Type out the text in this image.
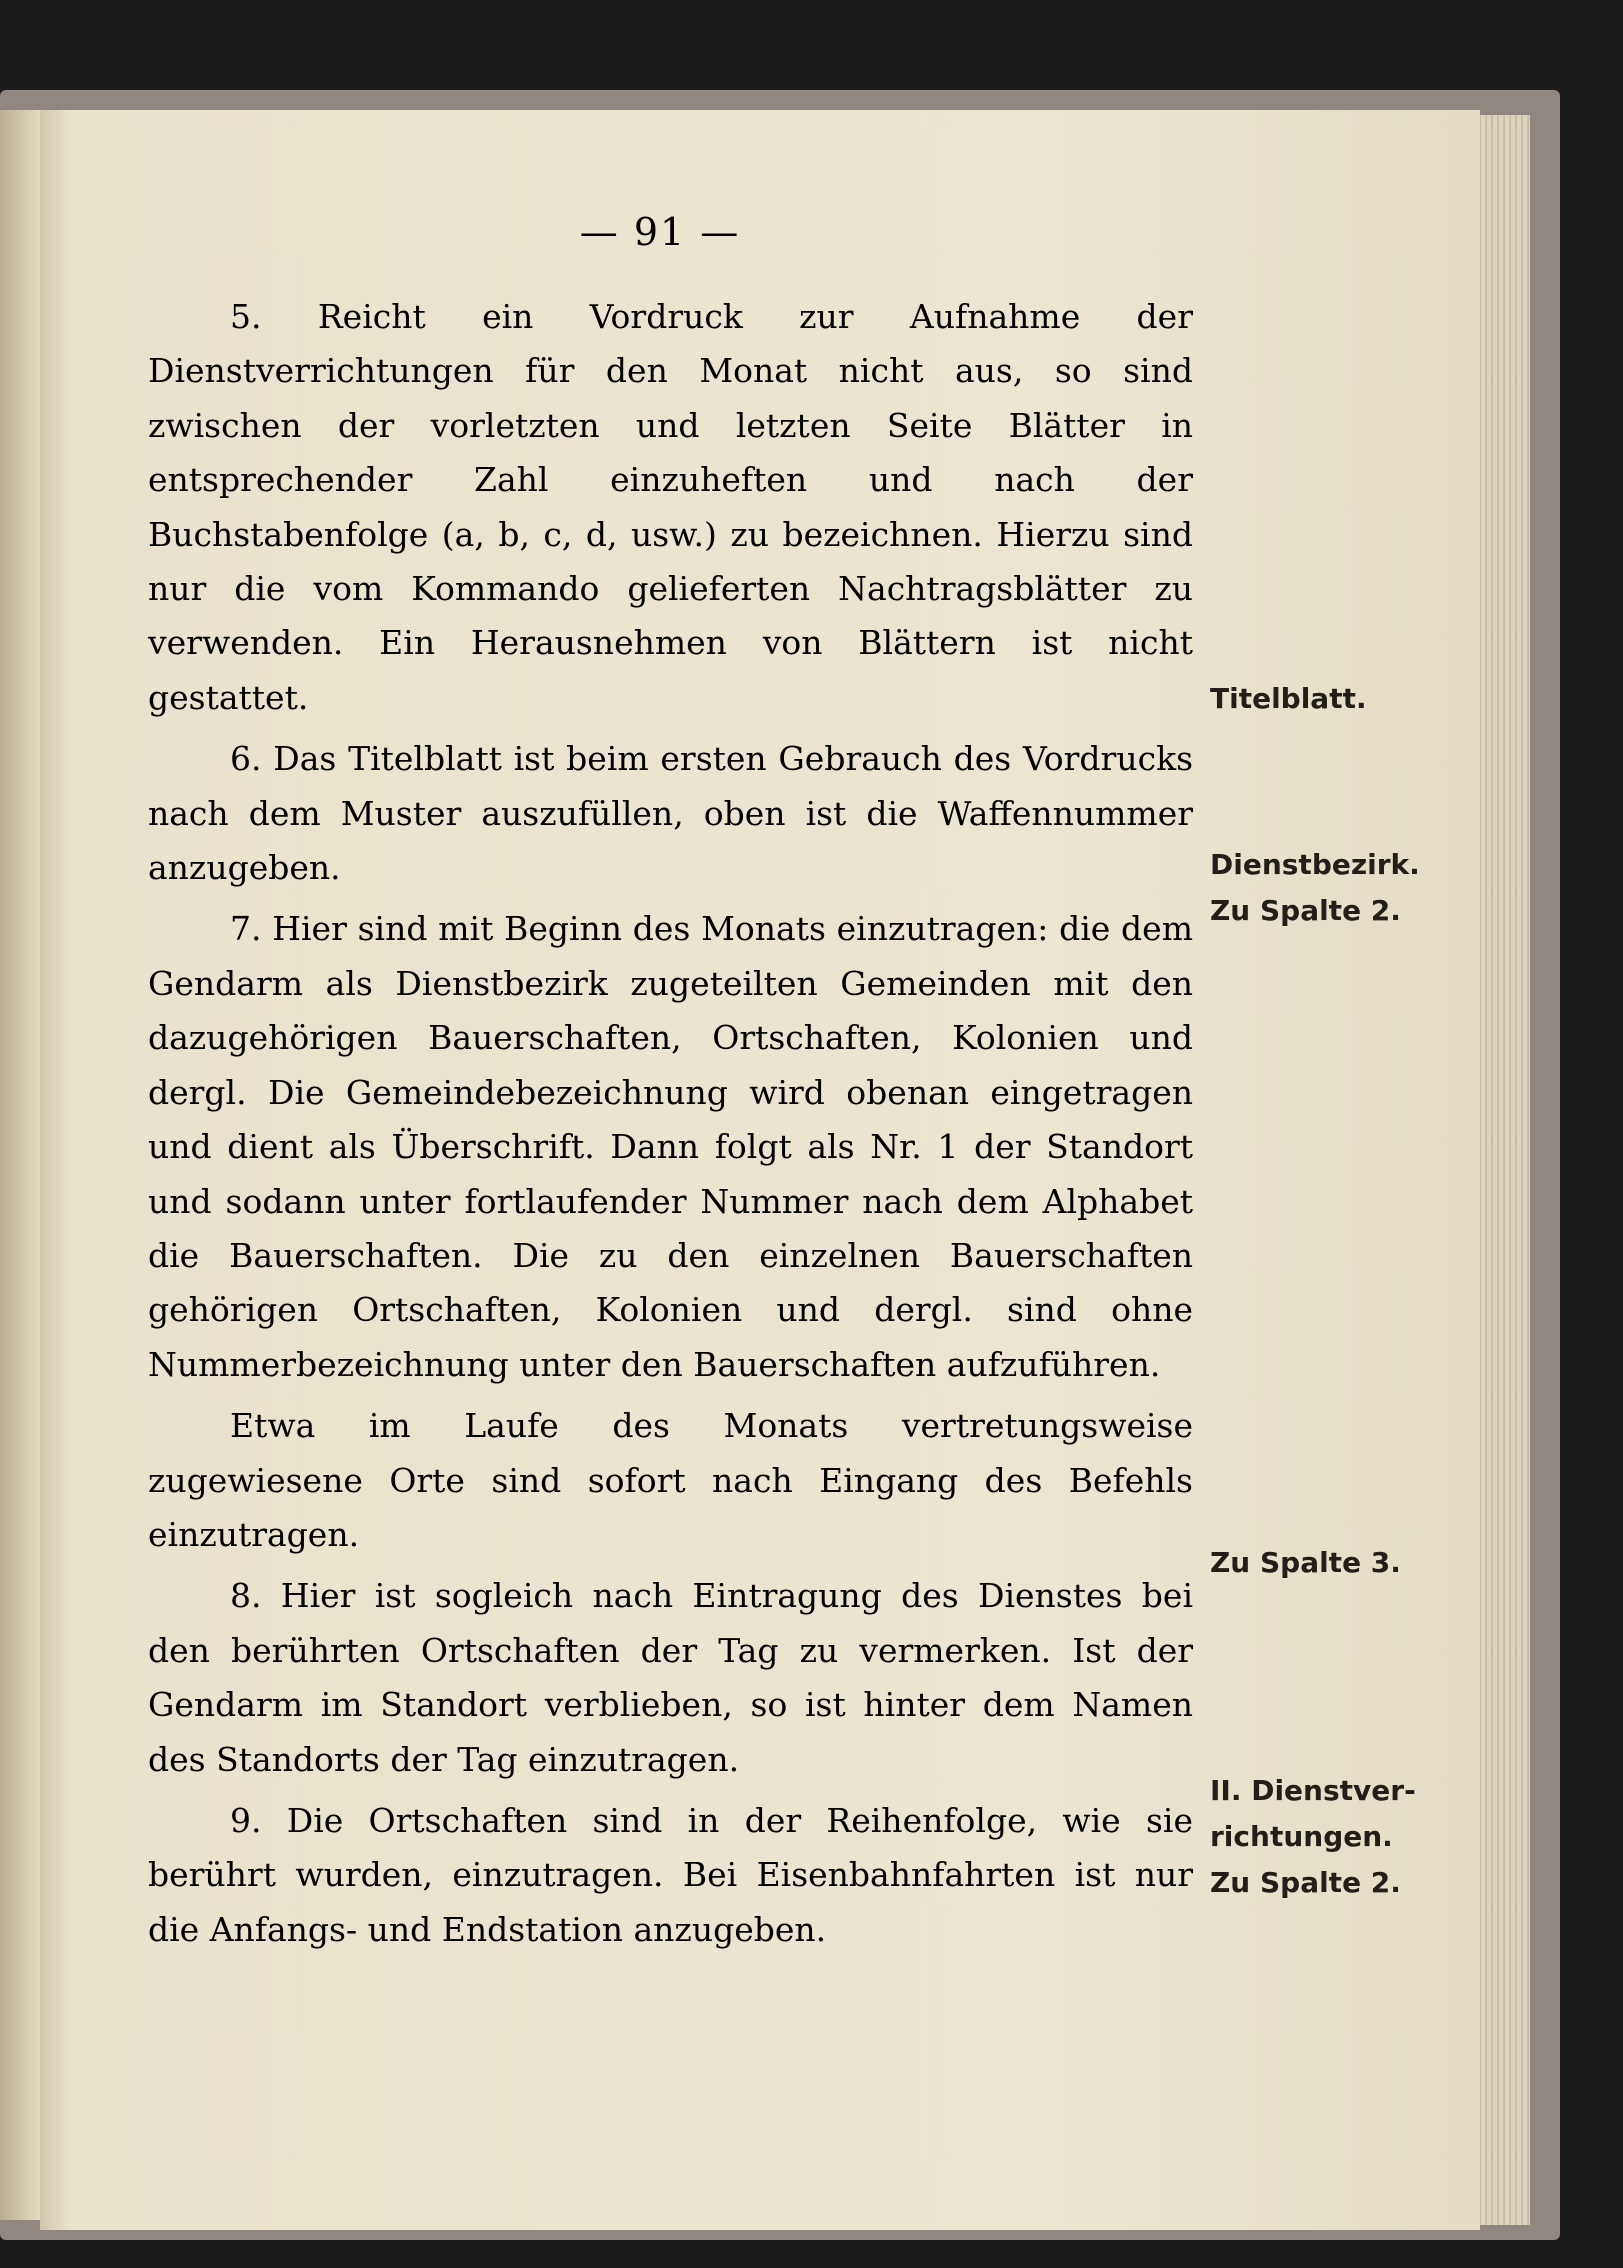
— 91 —

5. Reicht ein Vordruck zur Aufnahme der Dienstverrichtungen für den Monat nicht aus, so sind zwischen der vorletzten und letzten Seite Blätter in entsprechender Zahl einzuheften und nach der Buchstabenfolge (a, b, c, d, usw.) zu bezeichnen. Hierzu sind nur die vom Kommando gelieferten Nachtragsblätter zu verwenden. Ein Herausnehmen von Blättern ist nicht gestattet.

6. Das Titelblatt ist beim ersten Gebrauch des Vordrucks nach dem Muster auszufüllen, oben ist die Waffennummer anzugeben.

7. Hier sind mit Beginn des Monats einzutragen: die dem Gendarm als Dienstbezirk zugeteilten Gemeinden mit den dazugehörigen Bauerschaften, Ortschaften, Kolonien und dergl. Die Gemeindebezeichnung wird obenan eingetragen und dient als Überschrift. Dann folgt als Nr. 1 der Standort und sodann unter fortlaufender Nummer nach dem Alphabet die Bauerschaften. Die zu den einzelnen Bauerschaften gehörigen Ortschaften, Kolonien und dergl. sind ohne Nummerbezeichnung unter den Bauerschaften aufzuführen.

Etwa im Laufe des Monats vertretungsweise zugewiesene Orte sind sofort nach Eingang des Befehls einzutragen.

8. Hier ist sogleich nach Eintragung des Dienstes bei den berührten Ortschaften der Tag zu vermerken. Ist der Gendarm im Standort verblieben, so ist hinter dem Namen des Standorts der Tag einzutragen.

9. Die Ortschaften sind in der Reihenfolge, wie sie berührt wurden, einzutragen. Bei Eisenbahnfahrten ist nur die Anfangs- und Endstation anzugeben.

Titelblatt.
Dienstbezirk.
Zu Spalte 2.
Zu Spalte 3.
II. Dienstver-
richtungen.
Zu Spalte 2.
